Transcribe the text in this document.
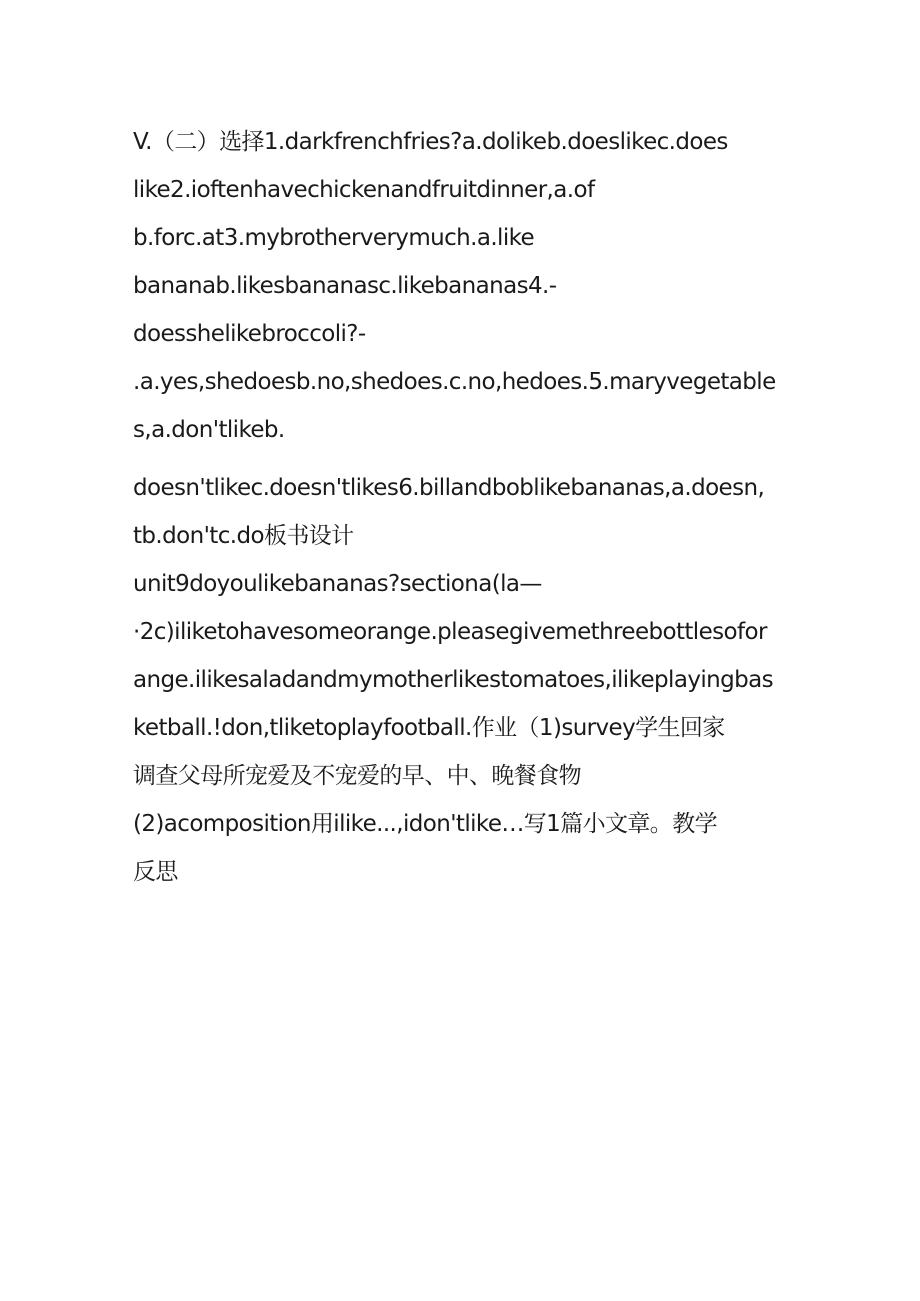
V.（二）选择1.darkfrenchfries?a.dolikeb.doeslikec.does
like2.ioftenhavechickenandfruitdinner,a.of
b.forc.at3.mybrotherverymuch.a.like
bananab.likesbananasc.likebananas4.-
doesshelikebroccoli?-
.a.yes,shedoesb.no,shedoes.c.no,hedoes.5.maryvegetable
s,a.don'tlikeb.
doesn'tlikec.doesn'tlikes6.billandboblikebananas,a.doesn,
tb.don'tc.do板书设计
unit9doyoulikebananas?sectiona(la—
·2c)iliketohavesomeorange.pleasegivemethreebottlesofor
ange.ilikesaladandmymotherlikestomatoes,ilikeplayingbas
ketball.!don,tliketoplayfootball.作业（1)survey学生回家
调查父母所宠爱及不宠爱的早、中、晚餐食物
(2)acomposition用ilike...,idon'tlike…写1篇小文章。教学
反思
